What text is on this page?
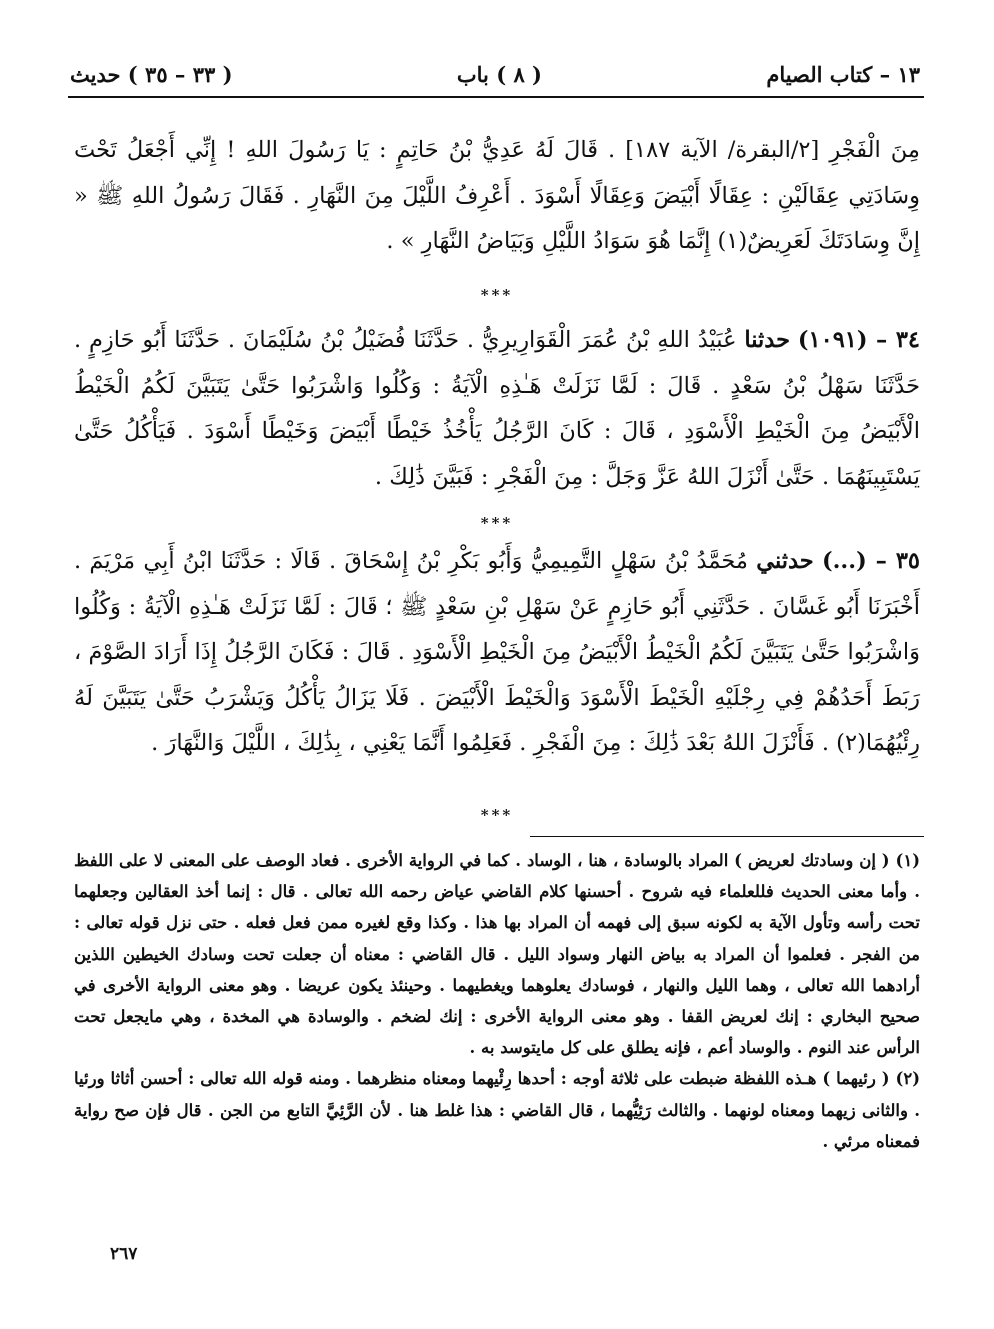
١٣ – كتاب الصيام
( ٨ ) باب
( ٣٣ – ٣٥ ) حديث
مِنَ الْفَجْرِ [٢/البقرة/ الآية ١٨٧] . قَالَ لَهُ عَدِيُّ بْنُ حَاتِمٍ : يَا رَسُولَ اللهِ ! إِنِّي أَجْعَلُ تَحْتَ وِسَادَتِي عِقَالَيْنِ : عِقَالًا أَبْيَضَ وَعِقَالًا أَسْوَدَ . أَعْرِفُ اللَّيْلَ مِنَ النَّهَارِ . فَقَالَ رَسُولُ اللهِ ﷺ « إِنَّ وِسَادَتَكَ لَعَرِيضٌ(١) إِنَّمَا هُوَ سَوَادُ اللَّيْلِ وَبَيَاضُ النَّهَارِ » .
***
٣٤ – (١٠٩١) حدثنا عُبَيْدُ اللهِ بْنُ عُمَرَ الْقَوَارِيرِيُّ . حَدَّثَنَا فُضَيْلُ بْنُ سُلَيْمَانَ . حَدَّثَنَا أَبُو حَازِمٍ . حَدَّثَنَا سَهْلُ بْنُ سَعْدٍ . قَالَ : لَمَّا نَزَلَتْ هَـٰذِهِ الْآيَةُ : وَكُلُوا وَاشْرَبُوا حَتَّىٰ يَتَبَيَّنَ لَكُمُ الْخَيْطُ الْأَبْيَضُ مِنَ الْخَيْطِ الْأَسْوَدِ ، قَالَ : كَانَ الرَّجُلُ يَأْخُذُ خَيْطًا أَبْيَضَ وَخَيْطًا أَسْوَدَ . فَيَأْكُلُ حَتَّىٰ يَسْتَبِينَهُمَا . حَتَّىٰ أَنْزَلَ اللهُ عَزَّ وَجَلَّ : مِنَ الْفَجْرِ : فَبَيَّنَ ذَٰلِكَ .
***
٣٥ – (...) حدثني مُحَمَّدُ بْنُ سَهْلٍ التَّمِيمِيُّ وَأَبُو بَكْرِ بْنُ إِسْحَاقَ . قَالَا : حَدَّثَنَا ابْنُ أَبِي مَرْيَمَ . أَخْبَرَنَا أَبُو غَسَّانَ . حَدَّثَنِي أَبُو حَازِمٍ عَنْ سَهْلِ بْنِ سَعْدٍ ﷺ ؛ قَالَ : لَمَّا نَزَلَتْ هَـٰذِهِ الْآيَةُ : وَكُلُوا وَاشْرَبُوا حَتَّىٰ يَتَبَيَّنَ لَكُمُ الْخَيْطُ الْأَبْيَضُ مِنَ الْخَيْطِ الْأَسْوَدِ . قَالَ : فَكَانَ الرَّجُلُ إِذَا أَرَادَ الصَّوْمَ ، رَبَطَ أَحَدُهُمْ فِي رِجْلَيْهِ الْخَيْطَ الْأَسْوَدَ وَالْخَيْطَ الْأَبْيَضَ . فَلَا يَزَالُ يَأْكُلُ وَيَشْرَبُ حَتَّىٰ يَتَبَيَّنَ لَهُ رِئْيُهُمَا(٢) . فَأَنْزَلَ اللهُ بَعْدَ ذَٰلِكَ : مِنَ الْفَجْرِ . فَعَلِمُوا أَنَّمَا يَعْنِي ، بِذَٰلِكَ ، اللَّيْلَ وَالنَّهَارَ .
***

(١) ( إن وسادتك لعريض ) المراد بالوسادة ، هنا ، الوساد . كما في الرواية الأخرى . فعاد الوصف على المعنى لا على اللفظ . وأما معنى الحديث فللعلماء فيه شروح . أحسنها كلام القاضي عياض رحمه الله تعالى . قال : إنما أخذ العقالين وجعلهما تحت رأسه وتأول الآية به لكونه سبق إلى فهمه أن المراد بها هذا . وكذا وقع لغيره ممن فعل فعله . حتى نزل قوله تعالى : من الفجر . فعلموا أن المراد به بياض النهار وسواد الليل . قال القاضي : معناه أن جعلت تحت وسادك الخيطين اللذين أرادهما الله تعالى ، وهما الليل والنهار ، فوسادك يعلوهما ويغطيهما . وحينئذ يكون عريضا . وهو معنى الرواية الأخرى في صحيح البخاري : إنك لعريض القفا . وهو معنى الرواية الأخرى : إنك لضخم . والوسادة هي المخدة ، وهي مايجعل تحت الرأس عند النوم . والوساد أعم ، فإنه يطلق على كل مايتوسد به .

(٢) ( رئيهما ) هـذه اللفظة ضبطت على ثلاثة أوجه : أحدها رِئْيهما ومعناه منظرهما . ومنه قوله الله تعالى : أحسن أثاثا ورئيا . والثانى زيهما ومعناه لونهما . والثالث رَئِيُّهما ، قال القاضي : هذا غلط هنا . لأن الرَّئِيَّ التابع من الجن . قال فإن صح رواية فمعناه مرئي .

٢٦٧
